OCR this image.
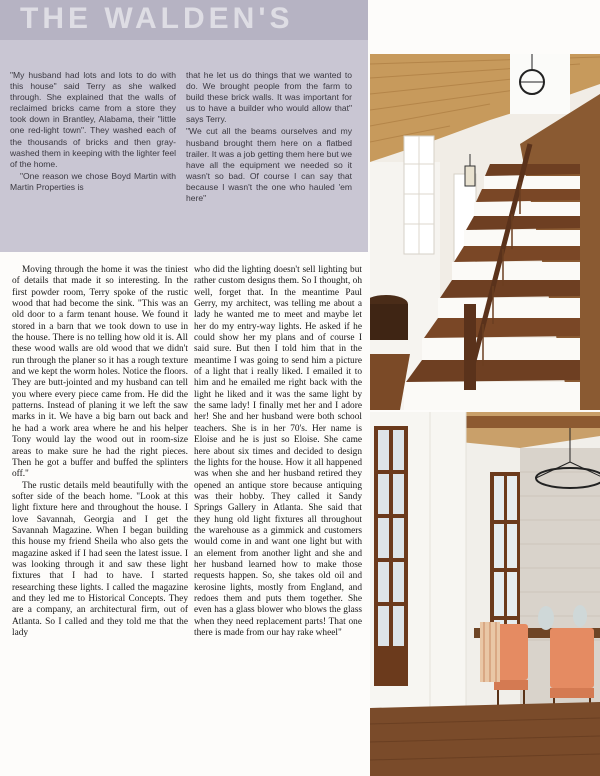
THE WALDEN'S

"My husband had lots and lots to do with this house" said Terry as she walked through. She explained that the walls of reclaimed bricks came from a store they took down in Brantley, Alabama, their "little one red-light town". They washed each of the thousands of bricks and then gray-washed them in keeping with the lighter feel of the home.

"One reason we chose Boyd Martin with Martin Properties is

that he let us do things that we wanted to do. We brought people from the farm to build these brick walls. It was important for us to have a builder who would allow that" says Terry.

"We cut all the beams ourselves and my husband brought them here on a flatbed trailer. It was a job getting them here but we have all the equipment we needed so it wasn't so bad. Of course I can say that because I wasn't the one who hauled 'em here"

Moving through the home it was the tiniest of details that made it so interesting. In the first powder room, Terry spoke of the rustic wood that had become the sink. "This was an old door to a farm tenant house. We found it stored in a barn that we took down to use in the house. There is no telling how old it is. All these wood walls are old wood that we didn't run through the planer so it has a rough texture and we kept the worm holes. Notice the floors. They are butt-jointed and my husband can tell you where every piece came from. He did the patterns. Instead of planing it we left the saw marks in it. We have a big barn out back and he had a work area where he and his helper Tony would lay the wood out in room-size areas to make sure he had the right pieces. Then he got a buffer and buffed the splinters off."

The rustic details meld beautifully with the softer side of the beach home. "Look at this light fixture here and throughout the house. I love Savannah, Georgia and I get the Savannah Magazine. When I began building this house my friend Sheila who also gets the magazine asked if I had seen the latest issue. I was looking through it and saw these light fixtures that I had to have. I started researching these lights. I called the magazine and they led me to Historical Concepts. They are a company, an architectural firm, out of Atlanta. So I called and they told me that the lady

who did the lighting doesn't sell lighting but rather custom designs them. So I thought, oh well, forget that. In the meantime Paul Gerry, my architect, was telling me about a lady he wanted me to meet and maybe let her do my entry-way lights. He asked if he could show her my plans and of course I said sure. But then I told him that in the meantime I was going to send him a picture of a light that i really liked. I emailed it to him and he emailed me right back with the light he liked and it was the same light by the same lady! I finally met her and I adore her! She and her husband were both school teachers. She is in her 70's. Her name is Eloise and he is just so Eloise. She came here about six times and decided to design the lights for the house. How it all happened was when she and her husband retired they opened an antique store because antiquing was their hobby. They called it Sandy Springs Gallery in Atlanta. She said that they hung old light fixtures all throughout the warehouse as a gimmick and customers would come in and want one light but with an element from another light and she and her husband learned how to make those requests happen. So, she takes old oil and kerosine lights, mostly from England, and redoes them and puts them together. She even has a glass blower who blows the glass when they need replacement parts! That one there is made from our hay rake wheel"
